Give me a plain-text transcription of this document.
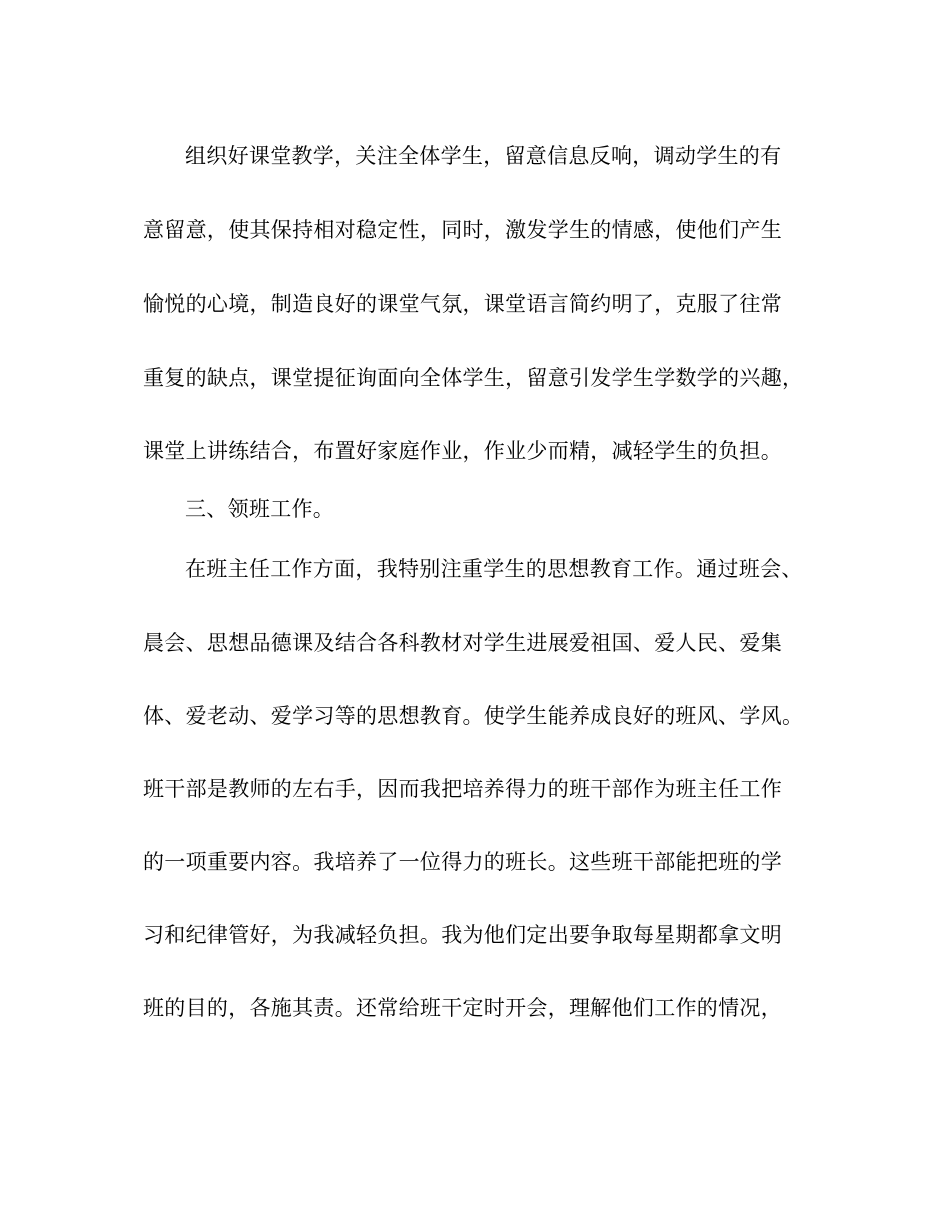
组织好课堂教学，关注全体学生，留意信息反响，调动学生的有
意留意，使其保持相对稳定性，同时，激发学生的情感，使他们产生
愉悦的心境，制造良好的课堂气氛，课堂语言简约明了，克服了往常
重复的缺点，课堂提征询面向全体学生，留意引发学生学数学的兴趣，
课堂上讲练结合，布置好家庭作业，作业少而精，减轻学生的负担。
三、领班工作。
在班主任工作方面，我特别注重学生的思想教育工作。通过班会、
晨会、思想品德课及结合各科教材对学生进展爱祖国、爱人民、爱集
体、爱老动、爱学习等的思想教育。使学生能养成良好的班风、学风。
班干部是教师的左右手，因而我把培养得力的班干部作为班主任工作
的一项重要内容。我培养了一位得力的班长。这些班干部能把班的学
习和纪律管好，为我减轻负担。我为他们定出要争取每星期都拿文明
班的目的，各施其责。还常给班干定时开会，理解他们工作的情况，
